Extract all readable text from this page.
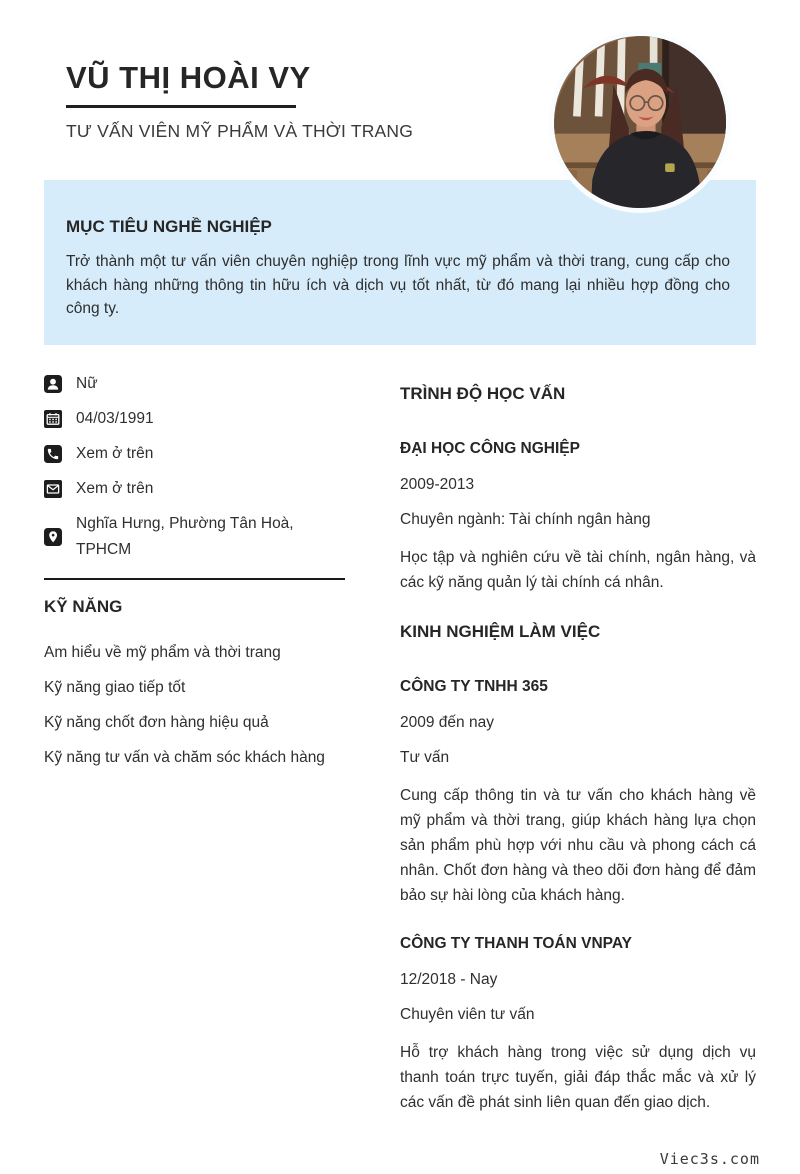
VŨ THỊ HOÀI VY
TƯ VẤN VIÊN MỸ PHẨM VÀ THỜI TRANG
MỤC TIÊU NGHỀ NGHIỆP

Trở thành một tư vấn viên chuyên nghiệp trong lĩnh vực mỹ phẩm và thời trang, cung cấp cho khách hàng những thông tin hữu ích và dịch vụ tốt nhất, từ đó mang lại nhiều hợp đồng cho công ty.

Nữ
04/03/1991
Xem ở trên
Xem ở trên
Nghĩa Hưng, Phường Tân Hoà, TPHCM
KỸ NĂNG
Am hiểu về mỹ phẩm và thời trang
Kỹ năng giao tiếp tốt
Kỹ năng chốt đơn hàng hiệu quả
Kỹ năng tư vấn và chăm sóc khách hàng
TRÌNH ĐỘ HỌC VẤN
ĐẠI HỌC CÔNG NGHIỆP

2009-2013

Chuyên ngành: Tài chính ngân hàng

Học tập và nghiên cứu về tài chính, ngân hàng, và các kỹ năng quản lý tài chính cá nhân.

KINH NGHIỆM LÀM VIỆC
CÔNG TY TNHH 365

2009 đến nay

Tư vấn

Cung cấp thông tin và tư vấn cho khách hàng về mỹ phẩm và thời trang, giúp khách hàng lựa chọn sản phẩm phù hợp với nhu cầu và phong cách cá nhân. Chốt đơn hàng và theo dõi đơn hàng để đảm bảo sự hài lòng của khách hàng.

CÔNG TY THANH TOÁN VNPAY

12/2018 - Nay

Chuyên viên tư vấn

Hỗ trợ khách hàng trong việc sử dụng dịch vụ thanh toán trực tuyến, giải đáp thắc mắc và xử lý các vấn đề phát sinh liên quan đến giao dịch.

Viec3s.com
